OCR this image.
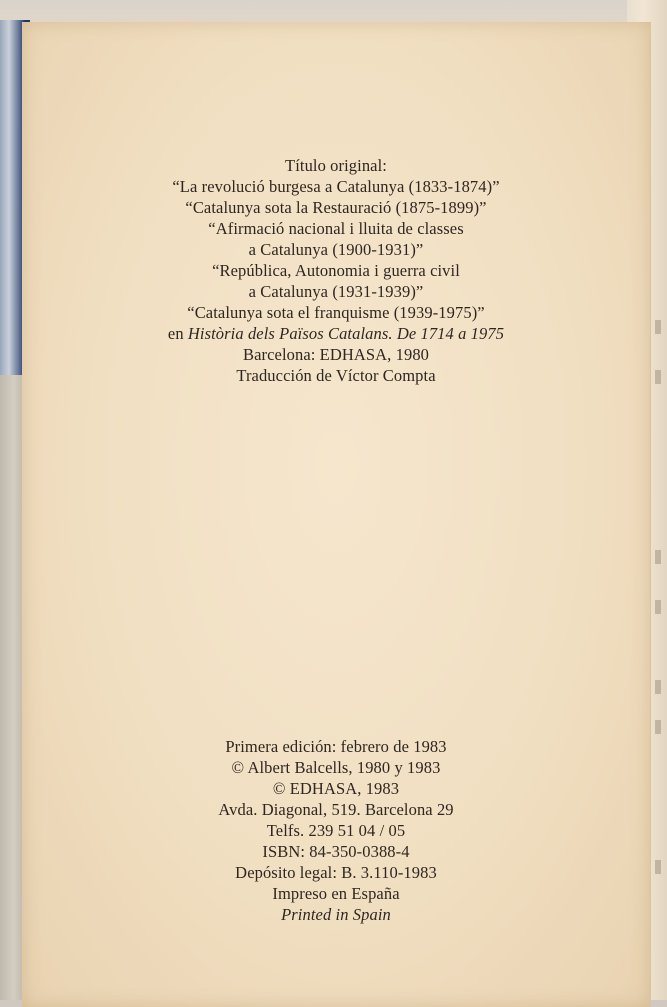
Título original:

“La revolució burgesa a Catalunya (1833-1874)”

“Catalunya sota la Restauració (1875-1899)”

“Afirmació nacional i lluita de classes

a Catalunya (1900-1931)”

“República, Autonomia i guerra civil

a Catalunya (1931-1939)”

“Catalunya sota el franquisme (1939-1975)”

en Història dels Països Catalans. De 1714 a 1975

Barcelona: EDHASA, 1980

Traducción de Víctor Compta

Primera edición: febrero de 1983

© Albert Balcells, 1980 y 1983

© EDHASA, 1983

Avda. Diagonal, 519. Barcelona 29

Telfs. 239 51 04 / 05

ISBN: 84-350-0388-4

Depósito legal: B. 3.110-1983

Impreso en España

Printed in Spain
